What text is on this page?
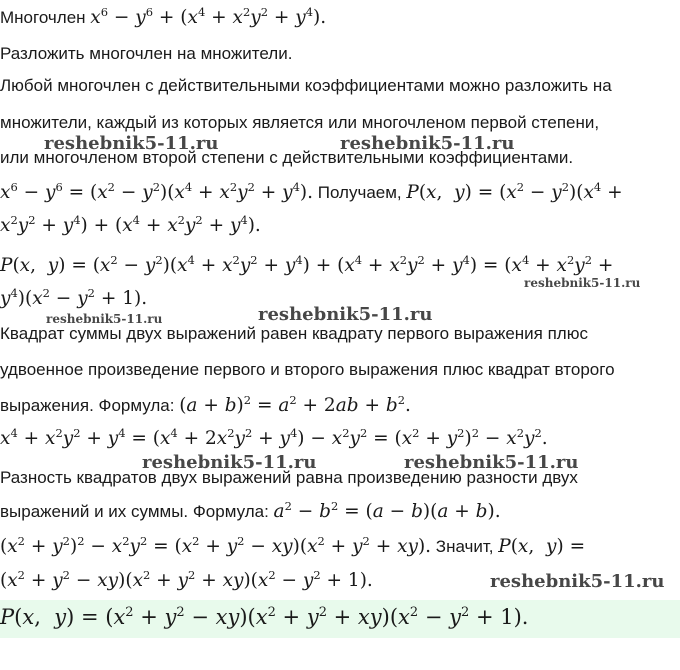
Многочлен $x^6 - y^6 + (x^4 + x^2y^2 + y^4)$.
Разложить многочлен на множители.
Любой многочлен с действительными коэффициентами можно разложить на
множители, каждый из которых является или многочленом первой степени,
или многочленом второй степени с действительными коэффициентами.
$x^6 - y^6 = (x^2 - y^2)(x^4 + x^2y^2 + y^4)$. Получаем, P(x,  $y) = (x^2 - y^2)(x^4$ +
$x^2y^2 + y^4) + (x^4 + x^2y^2 + y^4)$.
P(x,  $y) = (x^2 - y^2)(x^4 + x^2y^2 + y^4) + (x^4 + x^2y^2 + y^4) = (x^4 + x^2y^2$ +
$y^4)(x^2 - y^2 + 1)$.
Квадрат суммы двух выражений равен квадрату первого выражения плюс
удвоенное произведение первого и второго выражения плюс квадрат второго
выражения. Формула: $(a + b)^2 = a^2 + 2ab + b^2$.
$x^4 + x^2y^2 + y^4 = (x^4 + 2x^2y^2 + y^4) - x^2y^2 = (x^2 + y^2)^2 - x^2y^2$.
Разность квадратов двух выражений равна произведению разности двух
выражений и их суммы. Формула: $a^2 - b^2 = (a - b)(a + b)$.
$(x^2 + y^2)^2 - x^2y^2 = (x^2 + y^2 - xy)(x^2 + y^2 + xy)$. Значит, P(x,  y) =
$(x^2 + y^2 - xy)(x^2 + y^2 + xy)(x^2 - y^2 + 1)$.
P(x,  $y) = (x^2 + y^2 - xy)(x^2 + y^2 + xy)(x^2 - y^2 + 1)$.
reshebnik5-11.ru	reshebnik5-11.ru
reshebnik5-11.ru
reshebnik5-11.ru	reshebnik5-11.ru
reshebnik5-11.ru	reshebnik5-11.ru
reshebnik5-11.ru
